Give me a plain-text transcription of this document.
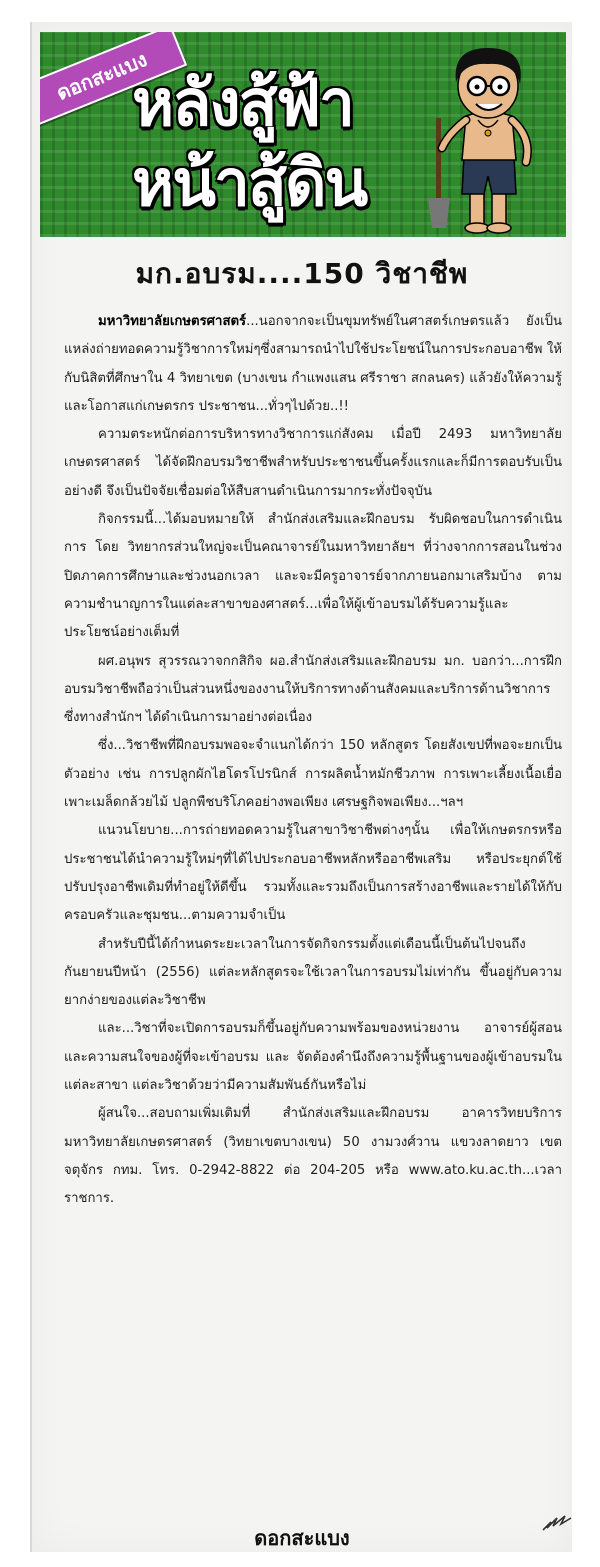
ดอกสะแบง
หลังสู้ฟ้า
หน้าสู้ดิน
มก.อบรม....150 วิชาชีพ

มหาวิทยาลัยเกษตรศาสตร์...นอกจากจะเป็นขุมทรัพย์ในศาสตร์เกษตรแล้ว ยังเป็นแหล่งถ่ายทอดความรู้วิชาการใหม่ๆซึ่งสามารถนำไปใช้ประโยชน์ในการประกอบอาชีพ ให้กับนิสิตที่ศึกษาใน 4 วิทยาเขต (บางเขน กำแพงแสน ศรีราชา สกลนคร) แล้วยังให้ความรู้และโอกาสแก่เกษตรกร ประชาชน...ทั่วๆไปด้วย..!!

ความตระหนักต่อการบริหารทางวิชาการแก่สังคม เมื่อปี 2493 มหาวิทยาลัยเกษตรศาสตร์ ได้จัดฝึกอบรมวิชาชีพสำหรับประชาชนขึ้นครั้งแรกและก็มีการตอบรับเป็นอย่างดี จึงเป็นปัจจัยเชื่อมต่อให้สืบสานดำเนินการมากระทั่งปัจจุบัน

กิจกรรมนี้...ได้มอบหมายให้ สำนักส่งเสริมและฝึกอบรม รับผิดชอบในการดำเนินการ โดย วิทยากรส่วนใหญ่จะเป็นคณาจารย์ในมหาวิทยาลัยฯ ที่ว่างจากการสอนในช่วงปิดภาคการศึกษาและช่วงนอกเวลา และจะมีครูอาจารย์จากภายนอกมาเสริมบ้าง ตามความชำนาญการในแต่ละสาขาของศาสตร์...เพื่อให้ผู้เข้าอบรมได้รับความรู้และประโยชน์อย่างเต็มที่

ผศ.อนุพร สุวรรณวาจกกสิกิจ ผอ.สำนักส่งเสริมและฝึกอบรม มก. บอกว่า...การฝึกอบรมวิชาชีพถือว่าเป็นส่วนหนึ่งของงานให้บริการทางด้านสังคมและบริการด้านวิชาการ ซึ่งทางสำนักฯ ได้ดำเนินการมาอย่างต่อเนื่อง

ซึ่ง...วิชาชีพที่ฝึกอบรมพอจะจำแนกได้กว่า 150 หลักสูตร โดยสังเขปที่พอจะยกเป็นตัวอย่าง เช่น การปลูกผักไฮโดรโปรนิกส์ การผลิตน้ำหมักชีวภาพ การเพาะเลี้ยงเนื้อเยื่อ เพาะเมล็ดกล้วยไม้ ปลูกพืชบริโภคอย่างพอเพียง เศรษฐกิจพอเพียง...ฯลฯ

แนวนโยบาย...การถ่ายทอดความรู้ในสาขาวิชาชีพต่างๆนั้น เพื่อให้เกษตรกรหรือประชาชนได้นำความรู้ใหม่ๆที่ได้ไปประกอบอาชีพหลักหรืออาชีพเสริม หรือประยุกต์ใช้ปรับปรุงอาชีพเดิมที่ทำอยู่ให้ดีขึ้น รวมทั้งและรวมถึงเป็นการสร้างอาชีพและรายได้ให้กับครอบครัวและชุมชน...ตามความจำเป็น

สำหรับปีนี้ได้กำหนดระยะเวลาในการจัดกิจกรรมตั้งแต่เดือนนี้เป็นต้นไปจนถึงกันยายนปีหน้า (2556) แต่ละหลักสูตรจะใช้เวลาในการอบรมไม่เท่ากัน ขึ้นอยู่กับความยากง่ายของแต่ละวิชาชีพ

และ...วิชาที่จะเปิดการอบรมก็ขึ้นอยู่กับความพร้อมของหน่วยงาน อาจารย์ผู้สอน และความสนใจของผู้ที่จะเข้าอบรม และ จัดต้องคำนึงถึงความรู้พื้นฐานของผู้เข้าอบรมในแต่ละสาขา แต่ละวิชาด้วยว่ามีความสัมพันธ์กันหรือไม่

ผู้สนใจ...สอบถามเพิ่มเติมที่ สำนักส่งเสริมและฝึกอบรม อาคารวิทยบริการ มหาวิทยาลัยเกษตรศาสตร์ (วิทยาเขตบางเขน) 50 งามวงศ์วาน แขวงลาดยาว เขตจตุจักร กทม. โทร. 0-2942-8822 ต่อ 204-205 หรือ www.ato.ku.ac.th...เวลาราชการ.

ดอกสะแบง
